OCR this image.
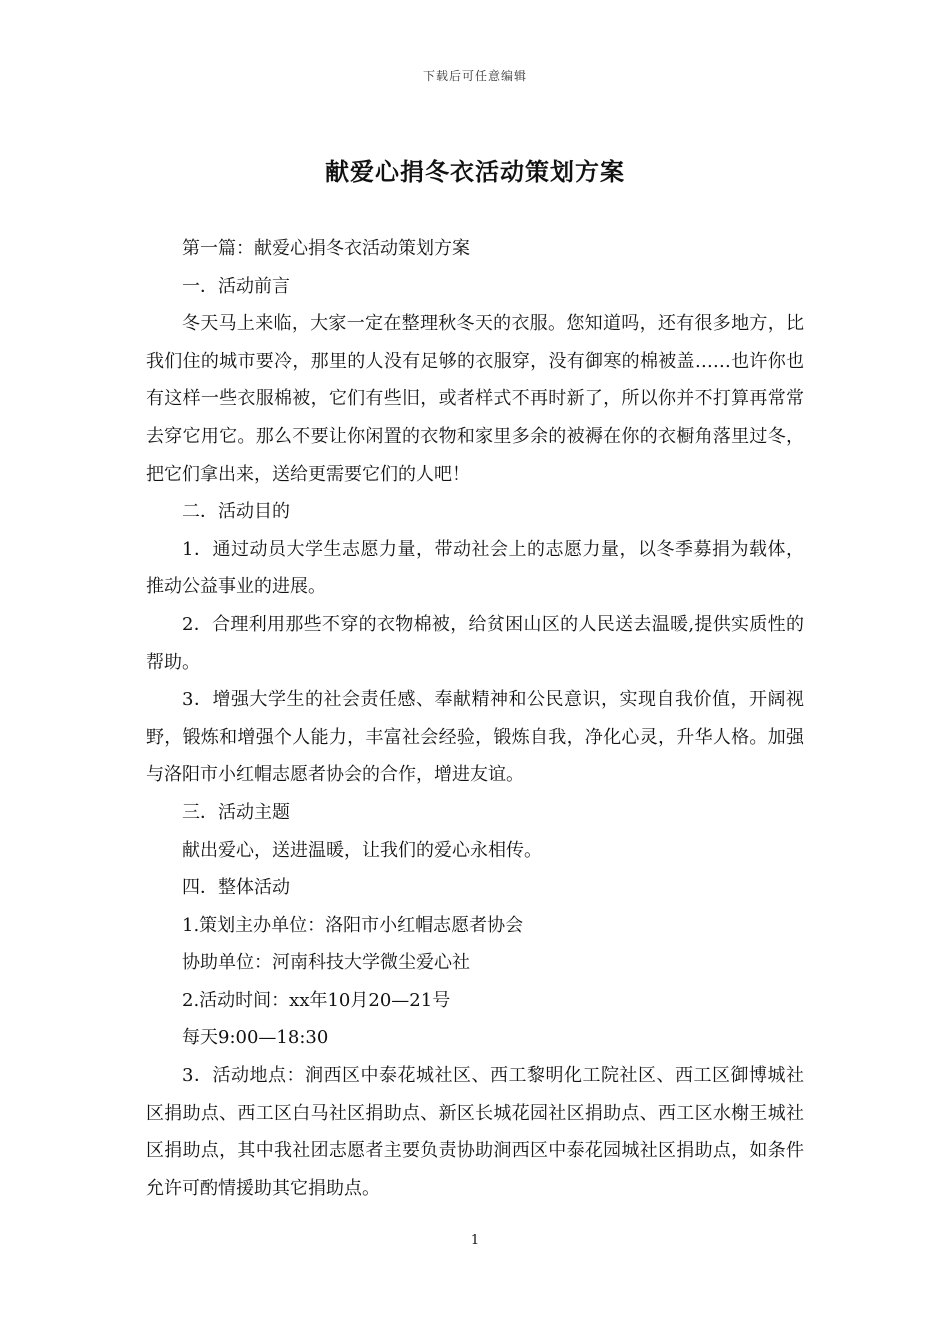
下载后可任意编辑
献爱心捐冬衣活动策划方案

第一篇：献爱心捐冬衣活动策划方案

一．活动前言

冬天马上来临，大家一定在整理秋冬天的衣服。您知道吗，还有很多地方，比我们住的城市要冷，那里的人没有足够的衣服穿，没有御寒的棉被盖……也许你也有这样一些衣服棉被，它们有些旧，或者样式不再时新了，所以你并不打算再常常去穿它用它。那么不要让你闲置的衣物和家里多余的被褥在你的衣橱角落里过冬，把它们拿出来，送给更需要它们的人吧！

二．活动目的

1．通过动员大学生志愿力量，带动社会上的志愿力量，以冬季募捐为载体，推动公益事业的进展。

2．合理利用那些不穿的衣物棉被，给贫困山区的人民送去温暖,提供实质性的帮助。

3．增强大学生的社会责任感、奉献精神和公民意识，实现自我价值，开阔视野，锻炼和增强个人能力，丰富社会经验，锻炼自我，净化心灵，升华人格。加强与洛阳市小红帽志愿者协会的合作，增进友谊。

三．活动主题

献出爱心，送进温暖，让我们的爱心永相传。

四．整体活动

1.策划主办单位：洛阳市小红帽志愿者协会

协助单位：河南科技大学微尘爱心社

2.活动时间：xx年10月20—21号

每天9:00—18:30

3．活动地点：涧西区中泰花城社区、西工黎明化工院社区、西工区御博城社区捐助点、西工区白马社区捐助点、新区长城花园社区捐助点、西工区水榭王城社区捐助点，其中我社团志愿者主要负责协助涧西区中泰花园城社区捐助点，如条件允许可酌情援助其它捐助点。

1
